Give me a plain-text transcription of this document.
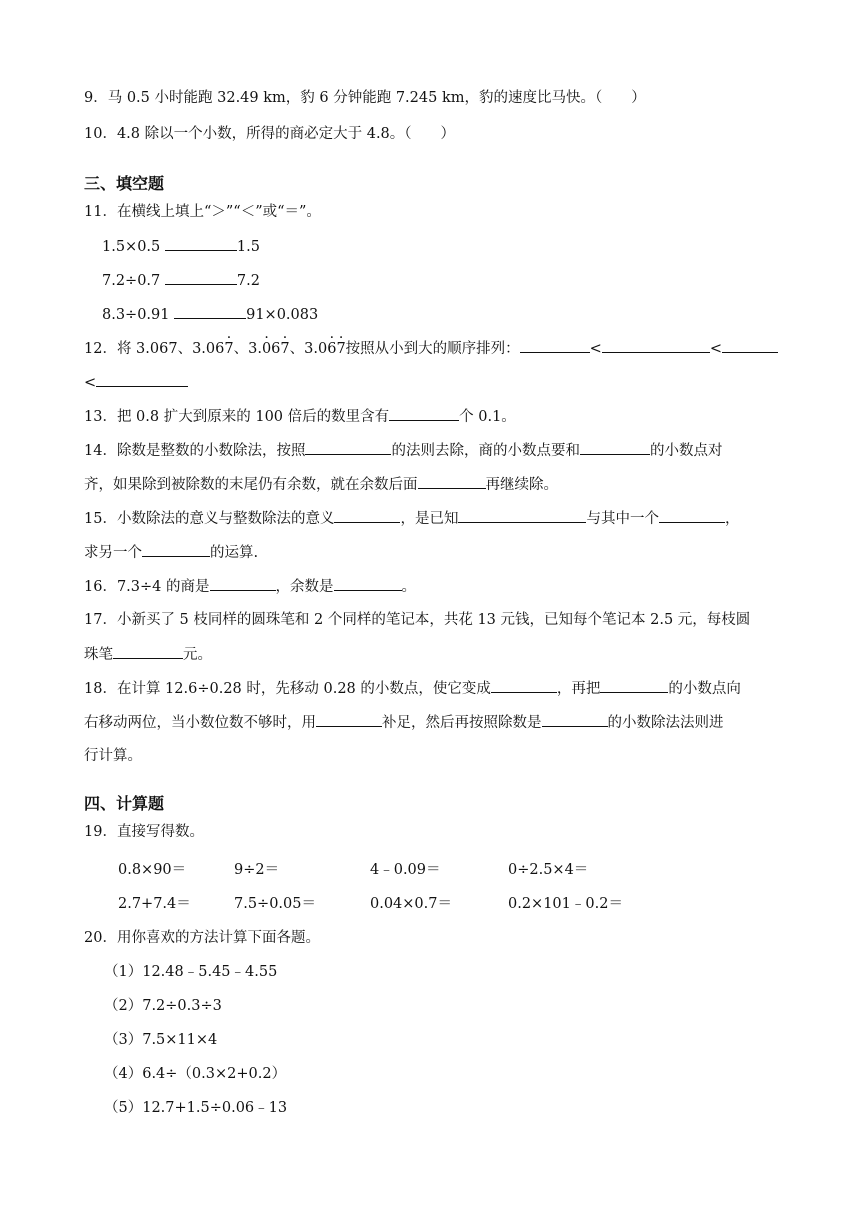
9．马 0.5 小时能跑 32.49 km，豹 6 分钟能跑 7.245 km，豹的速度比马快。（　　）
10．4.8 除以一个小数，所得的商必定大于 4.8。（　　）
三、填空题
11．在横线上填上“＞”“＜”或“＝”。
1.5×0.5	1.5
7.2÷0.7	7.2
8.3÷0.91	91×0.083
12．将 3.067、3.06· 7、3.· 06· 7、3.0· 6· 7按照从小到大的顺序排列：	<	<
<
13．把 0.8 扩大到原来的 100 倍后的数里含有	个 0.1。
14．除数是整数的小数除法，按照	的法则去除，商的小数点要和	的小数点对
齐，如果除到被除数的末尾仍有余数，就在余数后面	再继续除。
15．小数除法的意义与整数除法的意义	，是已知	与其中一个	，
求另一个	的运算.
16．7.3÷4 的商是	，余数是	。
17．小新买了 5 枝同样的圆珠笔和 2 个同样的笔记本，共花 13 元钱，已知每个笔记本 2.5 元，每枝圆
珠笔	元。
18．在计算 12.6÷0.28 时，先移动 0.28 的小数点，使它变成	，再把	的小数点向
右移动两位，当小数位数不够时，用	补足，然后再按照除数是	的小数除法法则进
行计算。
四、计算题
19．直接写得数。
0.8×90＝	9÷2＝	4﹣0.09＝	0÷2.5×4＝
2.7+7.4＝	7.5÷0.05＝	0.04×0.7＝	0.2×101﹣0.2＝
20．用你喜欢的方法计算下面各题。
（1）12.48﹣5.45﹣4.55
（2）7.2÷0.3÷3
（3）7.5×11×4
（4）6.4÷（0.3×2+0.2）
（5）12.7+1.5÷0.06﹣13
